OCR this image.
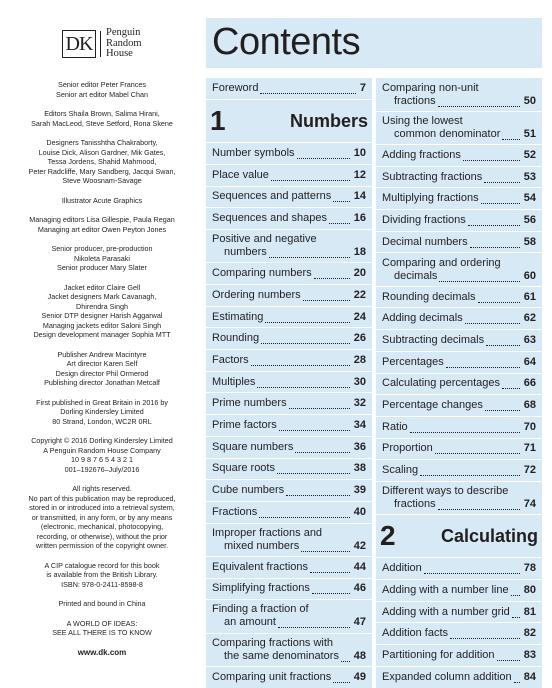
DK
Penguin
Random
House
Senior editor Peter Frances
Senior art editor Mabel Chan
Editors Shaila Brown, Salima Hirani,
Sarah MacLeod, Steve Setford, Rona Skene
Designers Tanisshtha Chakraborty,
Louise Dick, Alison Gardner, Mik Gates,
Tessa Jordens, Shahid Mahmood,
Peter Radcliffe, Mary Sandberg, Jacqui Swan,
Steve Woosnam-Savage
Illustrator Acute Graphics
Managing editors Lisa Gillespie, Paula Regan
Managing art editor Owen Peyton Jones
Senior producer, pre-production
Nikoleta Parasaki
Senior producer Mary Slater
Jacket editor Claire Gell
Jacket designers Mark Cavanagh,
Dhirendra Singh
Senior DTP designer Harish Aggarwal
Managing jackets editor Saloni Singh
Design development manager Sophia MTT
Publisher Andrew Macintyre
Art director Karen Self
Design director Phil Ormerod
Publishing director Jonathan Metcalf
First published in Great Britain in 2016 by
Dorling Kindersley Limited
80 Strand, London, WC2R 0RL
Copyright © 2016 Dorling Kindersley Limited
A Penguin Random House Company
10 9 8 7 6 5 4 3 2 1
001–192676–July/2016
All rights reserved.
No part of this publication may be reproduced,
stored in or introduced into a retrieval system,
or transmitted, in any form, or by any means
(electronic, mechanical, photocopying,
recording, or otherwise), without the prior
written permission of the copyright owner.
A CIP catalogue record for this book
is available from the British Library.
ISBN: 978-0-2411-8598-8
Printed and bound in China
A WORLD OF IDEAS:
SEE ALL THERE IS TO KNOW
www.dk.com
Contents
Foreword	7
1	Numbers
Number symbols	10
Place value	12
Sequences and patterns 14
Sequences and shapes 16
Positive and negative
numbers	18
Comparing numbers	20
Ordering numbers	22
Estimating	24
Rounding	26
Factors	28
Multiples	30
Prime numbers	32
Prime factors	34
Square numbers	36
Square roots	38
Cube numbers	39
Fractions	40
Improper fractions and
mixed numbers	42
Equivalent fractions	44
Simplifying fractions	46
Finding a fraction of
an amount	47
Comparing fractions with
the same denominators	48
Comparing unit fractions 49
Comparing non-unit
fractions	50
Using the lowest
common denominator	51
Adding fractions	52
Subtracting fractions	53
Multiplying fractions	54
Dividing fractions	56
Decimal numbers	58
Comparing and ordering
decimals	60
Rounding decimals	61
Adding decimals	62
Subtracting decimals	63
Percentages	64
Calculating percentages 66
Percentage changes	68
Ratio	70
Proportion	71
Scaling	72
Different ways to describe
fractions	74
2	Calculating
Addition	78
Adding with a number line 80
Adding with a number grid 81
Addition facts	82
Partitioning for addition	83
Expanded column addition 84
